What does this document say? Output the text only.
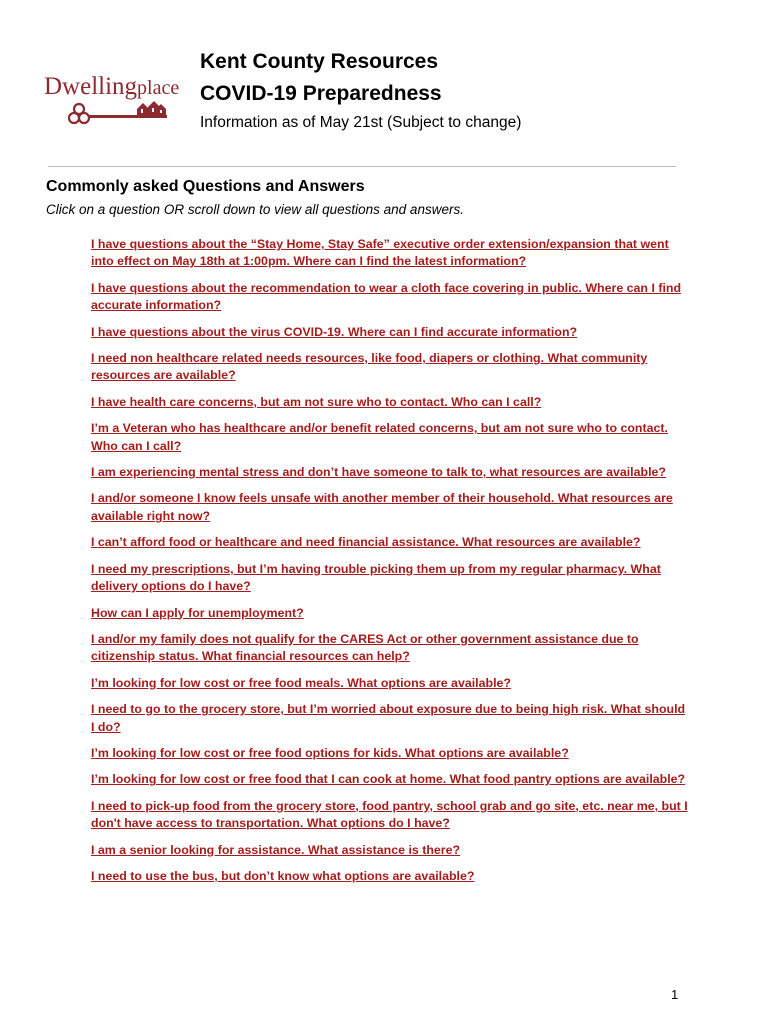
Dwellingplace
Kent County Resources
COVID-19 Preparedness
Information as of May 21st (Subject to change)
Commonly asked Questions and Answers
Click on a question OR scroll down to view all questions and answers.
I have questions about the “Stay Home, Stay Safe” executive order extension/expansion that went into effect on May 18th at 1:00pm. Where can I find the latest information?
I have questions about the recommendation to wear a cloth face covering in public. Where can I find accurate information?
I have questions about the virus COVID-19. Where can I find accurate information?
I need non healthcare related needs resources, like food, diapers or clothing. What community resources are available?
I have health care concerns, but am not sure who to contact. Who can I call?
I’m a Veteran who has healthcare and/or benefit related concerns, but am not sure who to contact. Who can I call?
I am experiencing mental stress and don’t have someone to talk to, what resources are available?
I and/or someone I know feels unsafe with another member of their household. What resources are available right now?
I can’t afford food or healthcare and need financial assistance. What resources are available?
I need my prescriptions, but I’m having trouble picking them up from my regular pharmacy. What delivery options do I have?
How can I apply for unemployment?
I and/or my family does not qualify for the CARES Act or other government assistance due to citizenship status. What financial resources can help?
I’m looking for low cost or free food meals. What options are available?
I need to go to the grocery store, but I’m worried about exposure due to being high risk. What should I do?
I’m looking for low cost or free food options for kids. What options are available?
I’m looking for low cost or free food that I can cook at home. What food pantry options are available?
I need to pick-up food from the grocery store, food pantry, school grab and go site, etc. near me, but I don't have access to transportation. What options do I have?
I am a senior looking for assistance. What assistance is there?
I need to use the bus, but don’t know what options are available?
1
